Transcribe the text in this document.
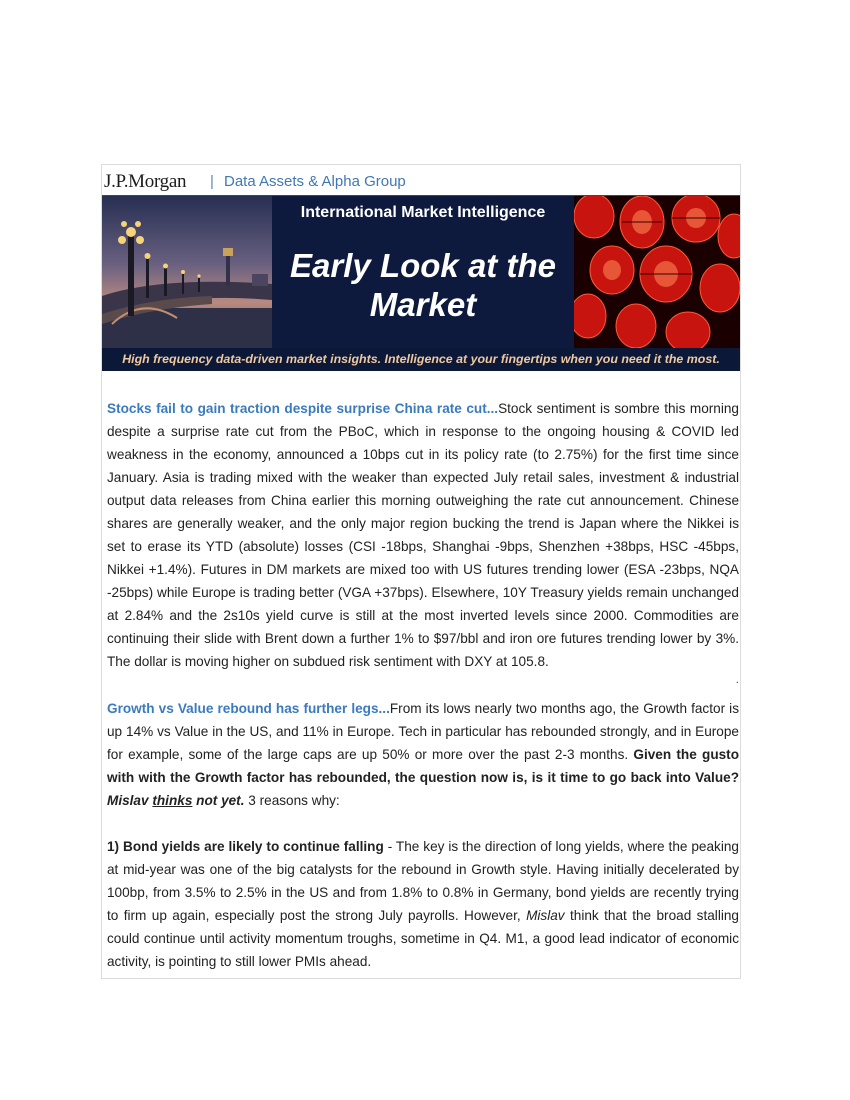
J.P.Morgan | Data Assets & Alpha Group
International Market Intelligence
Early Look at the Market
High frequency data-driven market insights. Intelligence at your fingertips when you need it the most.

Stocks fail to gain traction despite surprise China rate cut...Stock sentiment is sombre this morning despite a surprise rate cut from the PBoC, which in response to the ongoing housing & COVID led weakness in the economy, announced a 10bps cut in its policy rate (to 2.75%) for the first time since January. Asia is trading mixed with the weaker than expected July retail sales, investment & industrial output data releases from China earlier this morning outweighing the rate cut announcement. Chinese shares are generally weaker, and the only major region bucking the trend is Japan where the Nikkei is set to erase its YTD (absolute) losses (CSI -18bps, Shanghai -9bps, Shenzhen +38bps, HSC -45bps, Nikkei +1.4%). Futures in DM markets are mixed too with US futures trending lower (ESA -23bps, NQA -25bps) while Europe is trading better (VGA +37bps). Elsewhere, 10Y Treasury yields remain unchanged at 2.84% and the 2s10s yield curve is still at the most inverted levels since 2000. Commodities are continuing their slide with Brent down a further 1% to $97/bbl and iron ore futures trending lower by 3%. The dollar is moving higher on subdued risk sentiment with DXY at 105.8.

.

Growth vs Value rebound has further legs...From its lows nearly two months ago, the Growth factor is up 14% vs Value in the US, and 11% in Europe. Tech in particular has rebounded strongly, and in Europe for example, some of the large caps are up 50% or more over the past 2-3 months. Given the gusto with with the Growth factor has rebounded, the question now is, is it time to go back into Value? Mislav thinks not yet. 3 reasons why:

1) Bond yields are likely to continue falling - The key is the direction of long yields, where the peaking at mid-year was one of the big catalysts for the rebound in Growth style. Having initially decelerated by 100bp, from 3.5% to 2.5% in the US and from 1.8% to 0.8% in Germany, bond yields are recently trying to firm up again, especially post the strong July payrolls. However, Mislav think that the broad stalling could continue until activity momentum troughs, sometime in Q4. M1, a good lead indicator of economic activity, is pointing to still lower PMIs ahead.
